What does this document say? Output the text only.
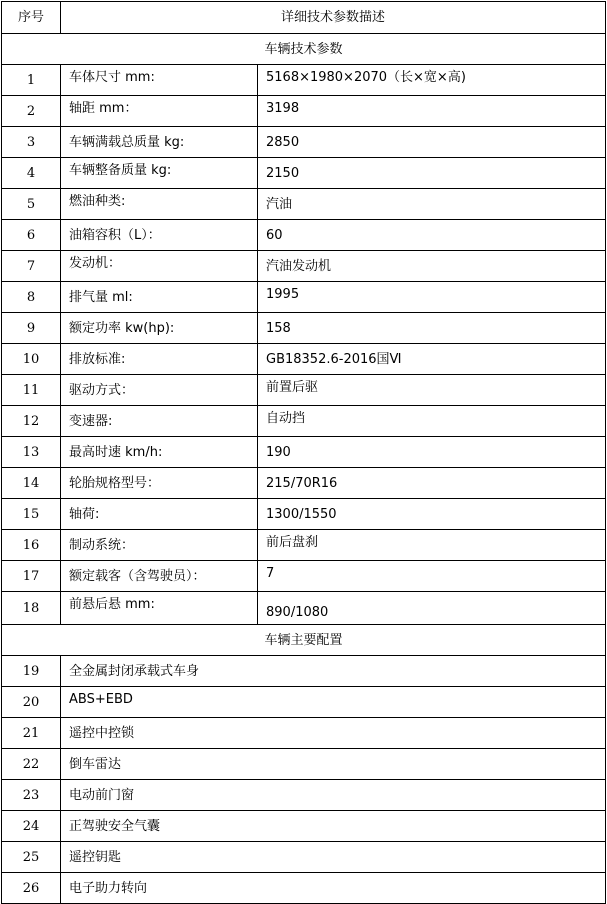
序号	详细技术参数描述	
车辆技术参数		
1	车体尺寸 mm:	5168×1980×2070（长×宽×高)
2	轴距 mm：	3198
3	车辆满载总质量 kg:	2850
4	车辆整备质量 kg:	2150
5	燃油种类:	汽油
6	油箱容积（L）：	60
7	发动机：	汽油发动机
8	排气量 ml:	1995
9	额定功率 kw(hp):	158
10	排放标准:	GB18352.6-2016国Ⅵ
11	驱动方式：	前置后驱
12	变速器:	自动挡
13	最高时速 km/h:	190
14	轮胎规格型号：	215/70R16
15	轴荷:	1300/1550
16	制动系统：	前后盘刹
17	额定载客（含驾驶员）：	7
18	前悬后悬 mm:	890/1080
车辆主要配置		
19	全金属封闭承载式车身	
20	ABS+EBD	
21	遥控中控锁	
22	倒车雷达	
23	电动前门窗	
24	正驾驶安全气囊	
25	遥控钥匙	
26	电子助力转向	
